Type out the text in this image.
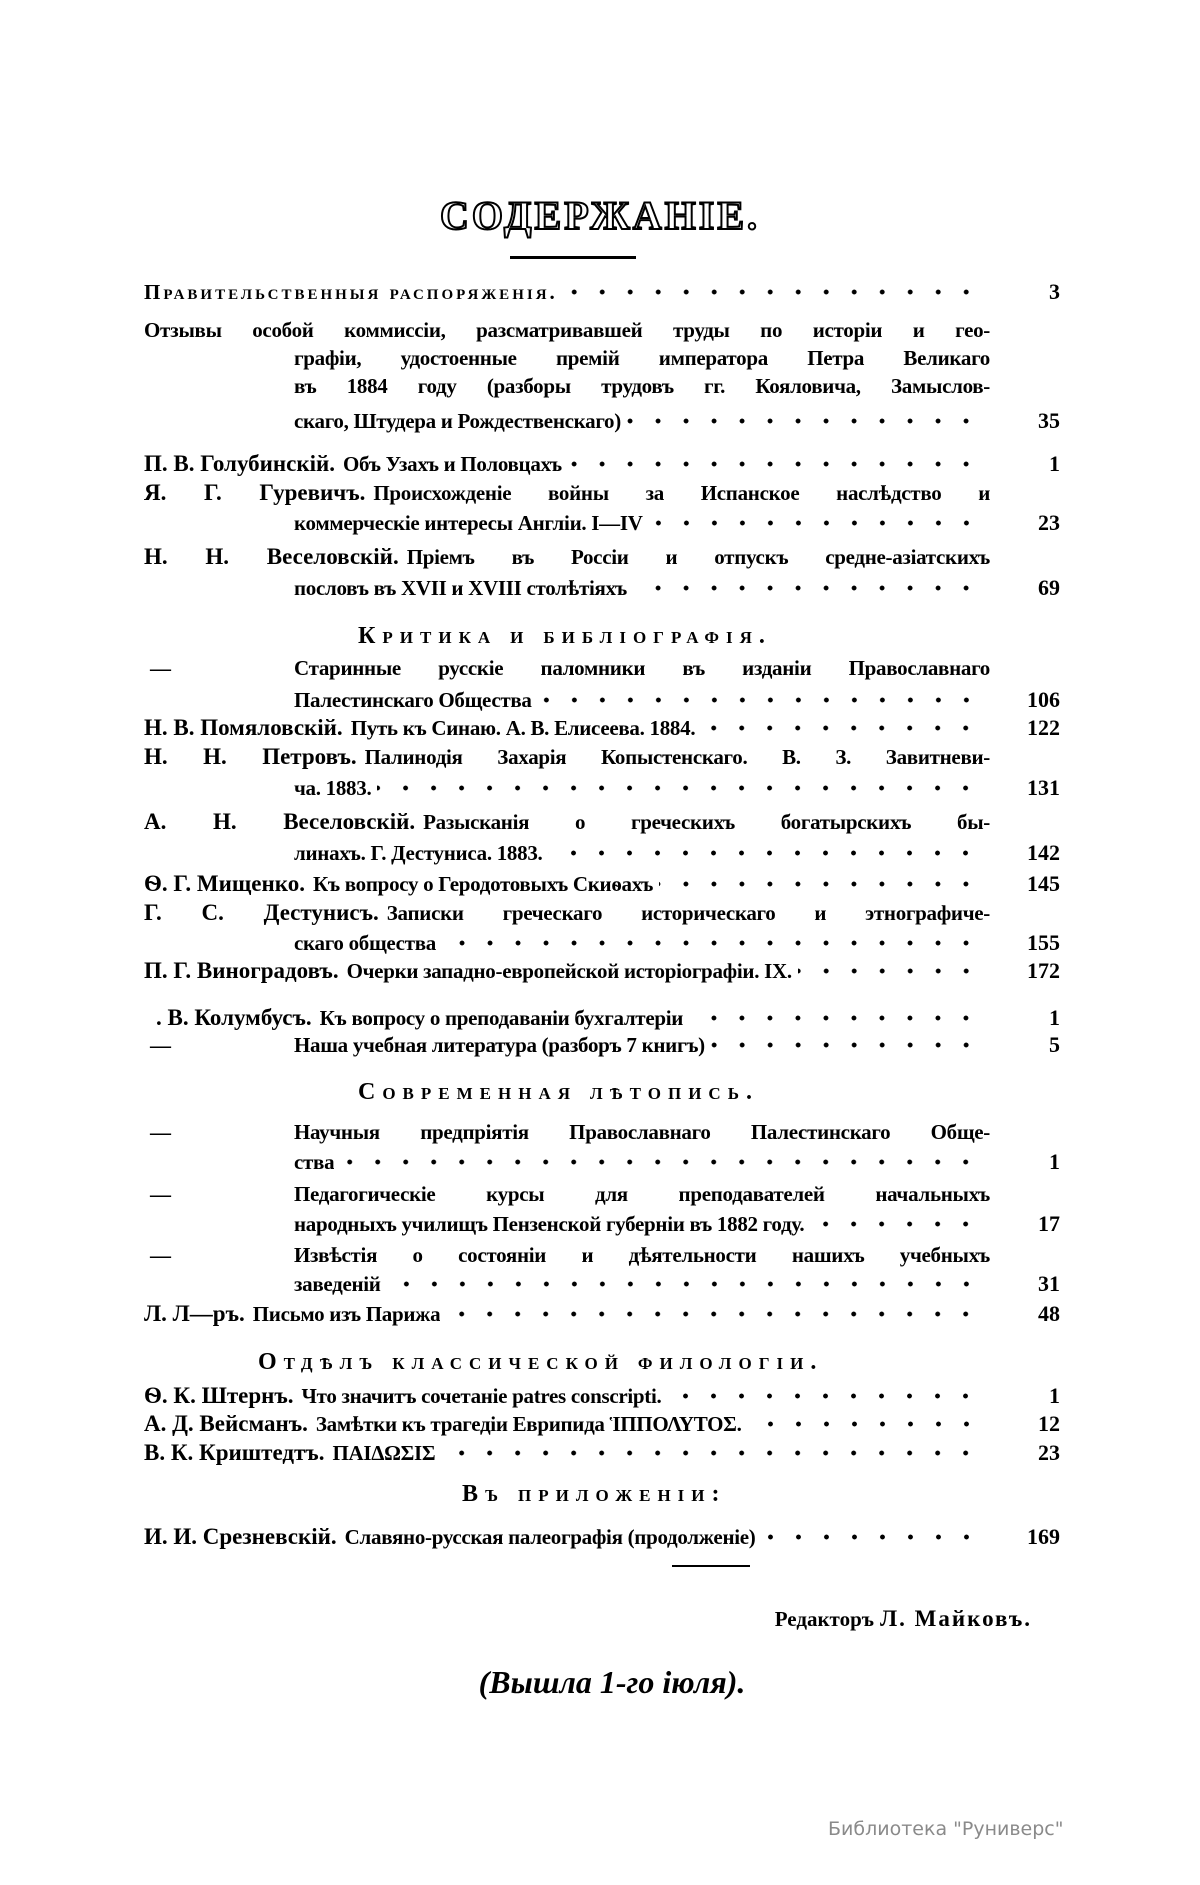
СОДЕРЖАНІЕ.
Правительственныя распоряженія.	3
Отзывы особой коммиссіи, разсматривавшей труды по исторіи и гео-
графіи, удостоенные премій императора Петра Великаго
въ 1884 году (разборы трудовъ гг. Кояловича, Замыслов-
скаго, Штудера и Рождественскаго)	35
П. В. Голубинскій. Объ Узахъ и Половцахъ	1
Я. Г. Гуревичъ. Происхожденіе войны за Испанское наслѣдство и
коммерческіе интересы Англіи. I—IV	23
Н. Н. Веселовскій. Пріемъ въ Россіи и отпускъ средне-азіатскихъ
пословъ въ XVII и XVIII столѣтіяхъ	69
Критика и библіографія.
—	Старинные русскіе паломники въ изданіи Православнаго
Палестинскаго Общества	106
Н. В. Помяловскій. Путь къ Синаю. А. В. Елисеева. 1884.	122
Н. Н. Петровъ. Палинодія Захарія Копыстенскаго. В. З. Завитневи-
ча. 1883.	131
А. Н. Веселовскій. Разысканія о греческихъ богатырскихъ бы-
линахъ. Г. Дестуниса. 1883.	142
Ѳ. Г. Мищенко. Къ вопросу о Геродотовыхъ Скиѳахъ	145
Г. С. Дестунисъ. Записки греческаго историческаго и этнографиче-
скаго общества	155
П. Г. Виноградовъ. Очерки западно-европейской исторіографіи. IX.	172
. В. Колумбусъ. Къ вопросу о преподаваніи бухгалтеріи	1
—	Наша учебная литература (разборъ 7 книгъ)	5
Современная лѣтопись.
—	Научныя предпріятія Православнаго Палестинскаго Обще-
ства	1
—	Педагогическіе курсы для преподавателей начальныхъ
народныхъ училищъ Пензенской губерніи въ 1882 году.	17
—	Извѣстія о состояніи и дѣятельности нашихъ учебныхъ
заведеній	31
Л. Л—ръ. Письмо изъ Парижа	48
Отдѣлъ классической филологіи.
Ѳ. К. Штернъ. Что значитъ сочетаніе patres conscripti.	1
А. Д. Вейсманъ. Замѣтки къ трагедіи Еврипида ἹΠΠΟΛΥΤΟΣ.	12
В. К. Криштедтъ. ΠΑΙΔΩΣΙΣ	23
Въ приложеніи:
И. И. Срезневскій. Славяно-русская палеографія (продолженіе)	169
Редакторъ Л. Майковъ.
(Вышла 1-го іюля).
Библиотека "Руниверс"
